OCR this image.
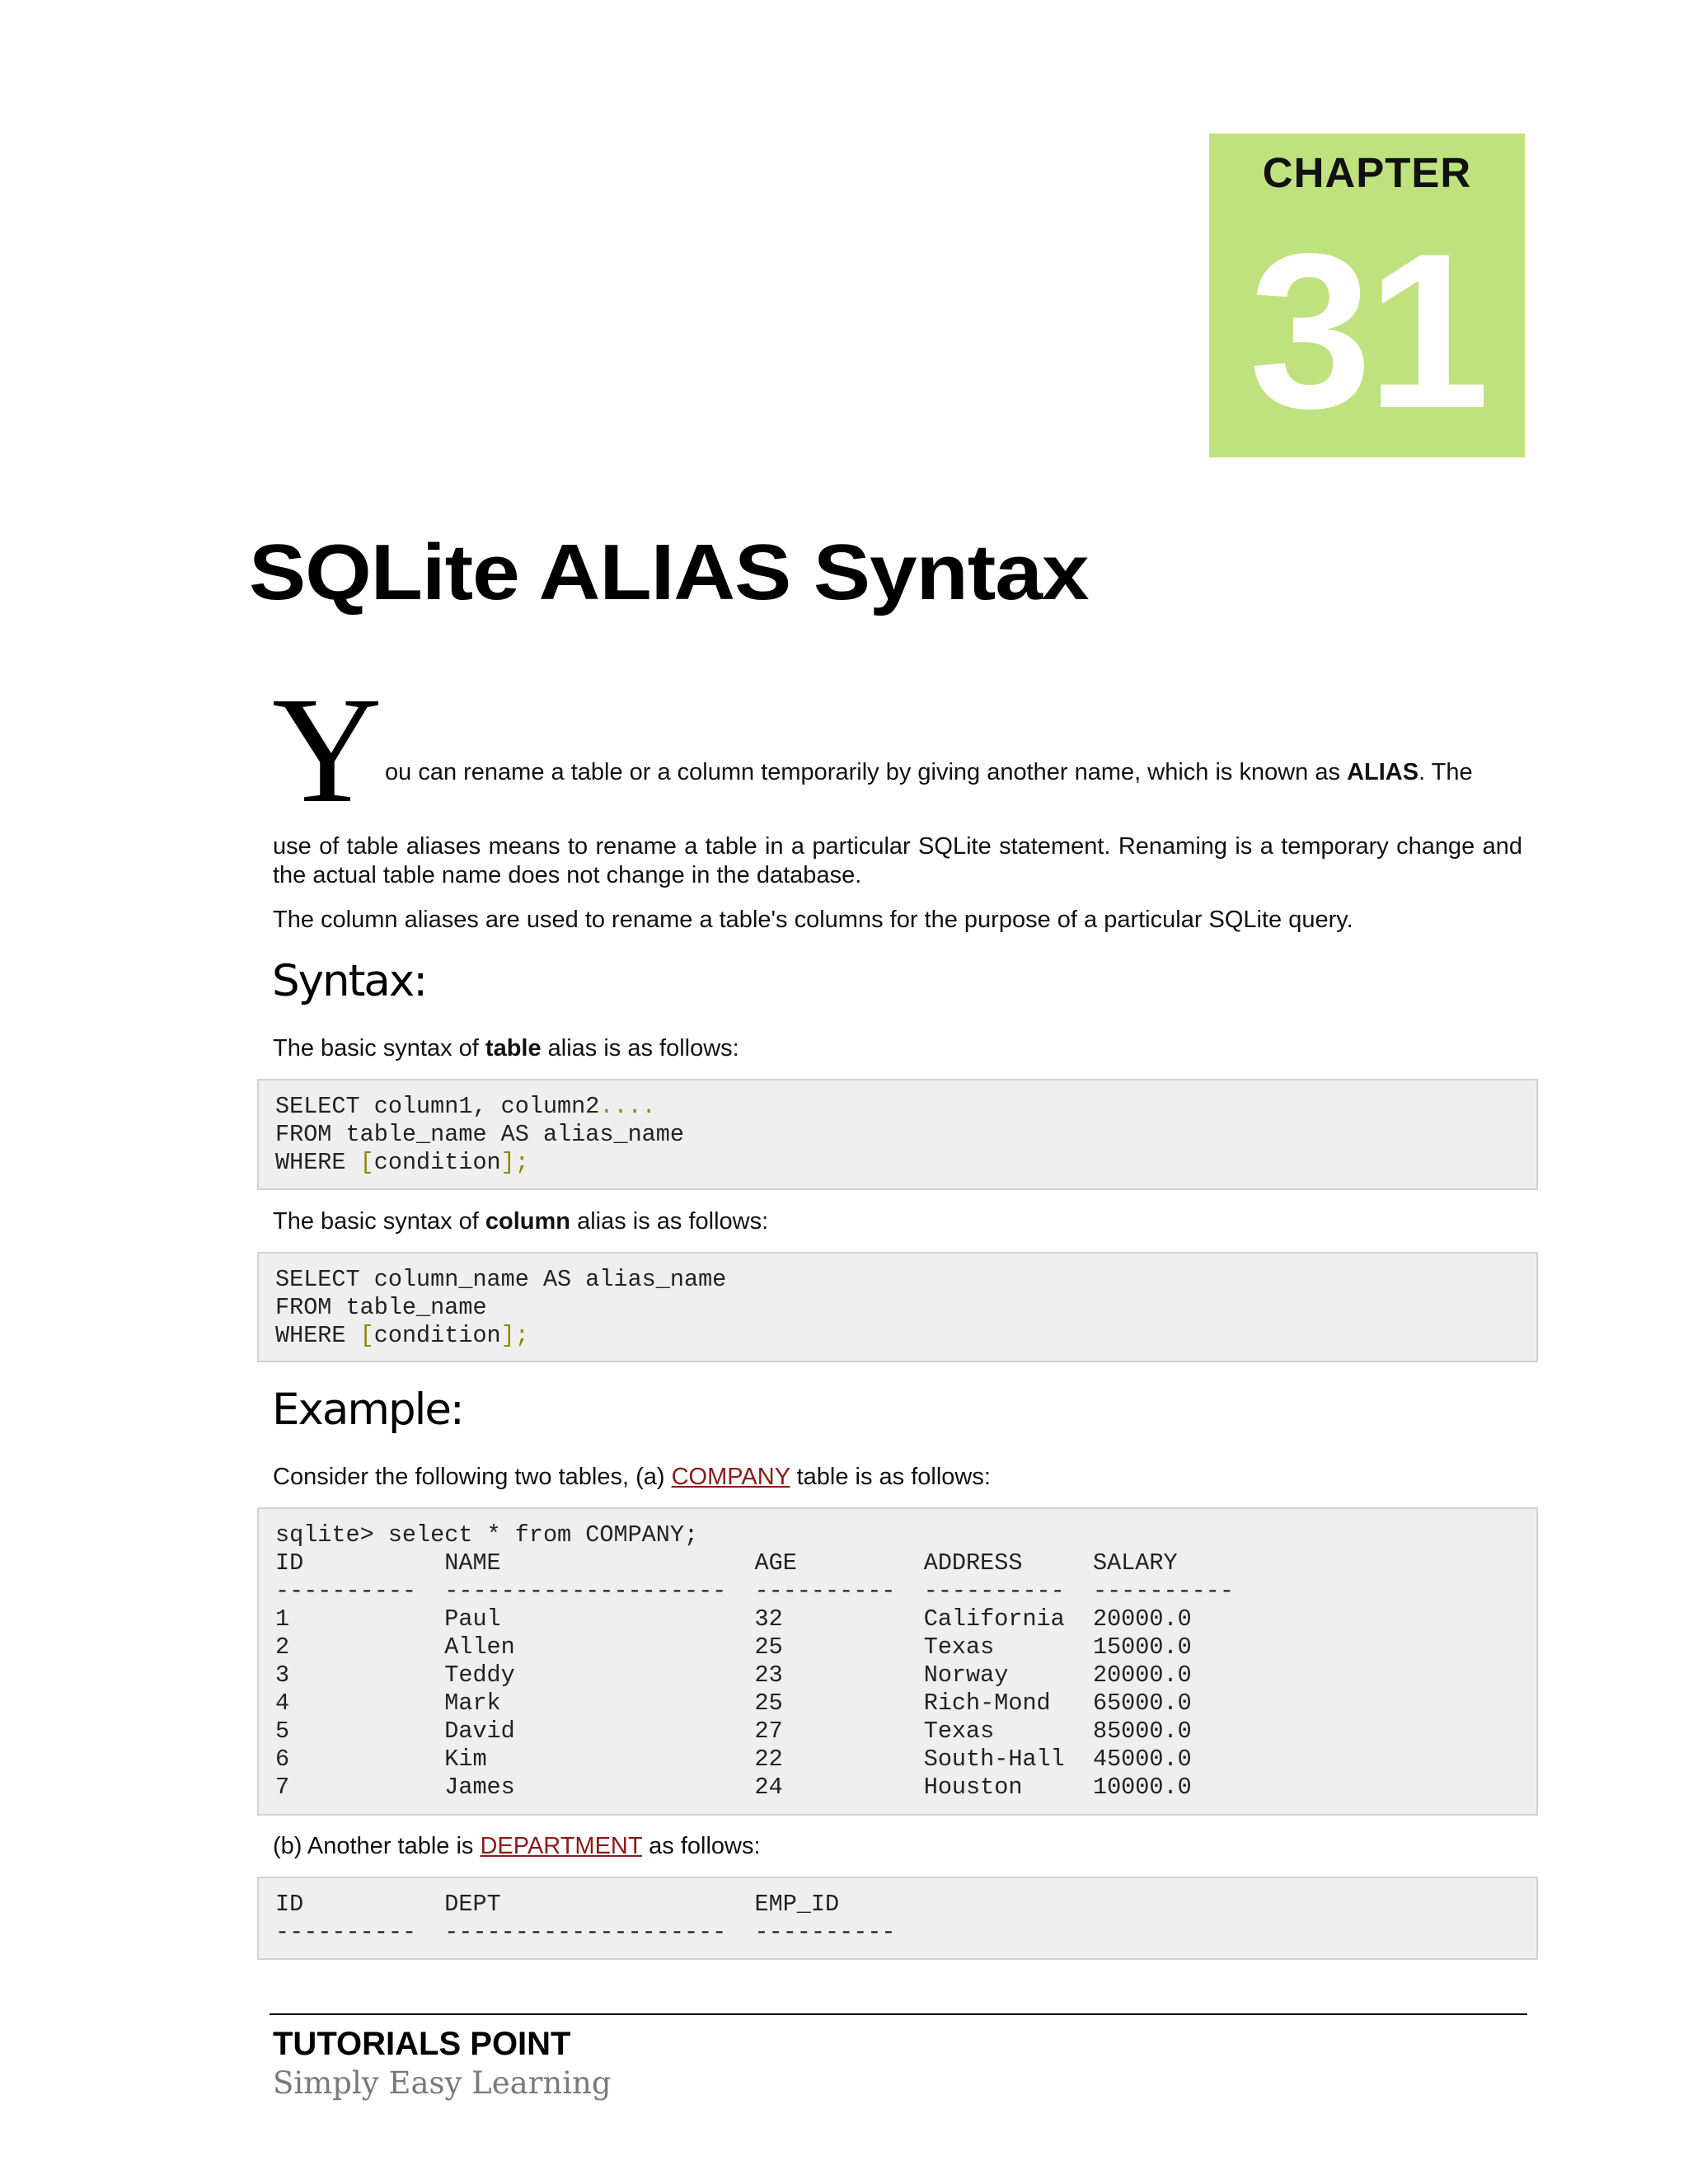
CHAPTER
31
SQLite ALIAS Syntax
Y ou can rename a table or a column temporarily by giving another name, which is known as ALIAS. The
use of table aliases means to rename a table in a particular SQLite statement. Renaming is a temporary change and the actual table name does not change in the database.
The column aliases are used to rename a table's columns for the purpose of a particular SQLite query.
Syntax:
The basic syntax of table alias is as follows:
SELECT column1, column2....
FROM table_name AS alias_name
WHERE [condition];
The basic syntax of column alias is as follows:
SELECT column_name AS alias_name
FROM table_name
WHERE [condition];
Example:
Consider the following two tables, (a) COMPANY table is as follows:
sqlite> select * from COMPANY;
ID          NAME                  AGE         ADDRESS     SALARY
----------  --------------------  ----------  ----------  ----------
1           Paul                  32          California  20000.0
2           Allen                 25          Texas       15000.0
3           Teddy                 23          Norway      20000.0
4           Mark                  25          Rich-Mond   65000.0
5           David                 27          Texas       85000.0
6           Kim                   22          South-Hall  45000.0
7           James                 24          Houston     10000.0
(b) Another table is DEPARTMENT as follows:
ID          DEPT                  EMP_ID
----------  --------------------  ----------
TUTORIALS POINT
Simply Easy Learning
